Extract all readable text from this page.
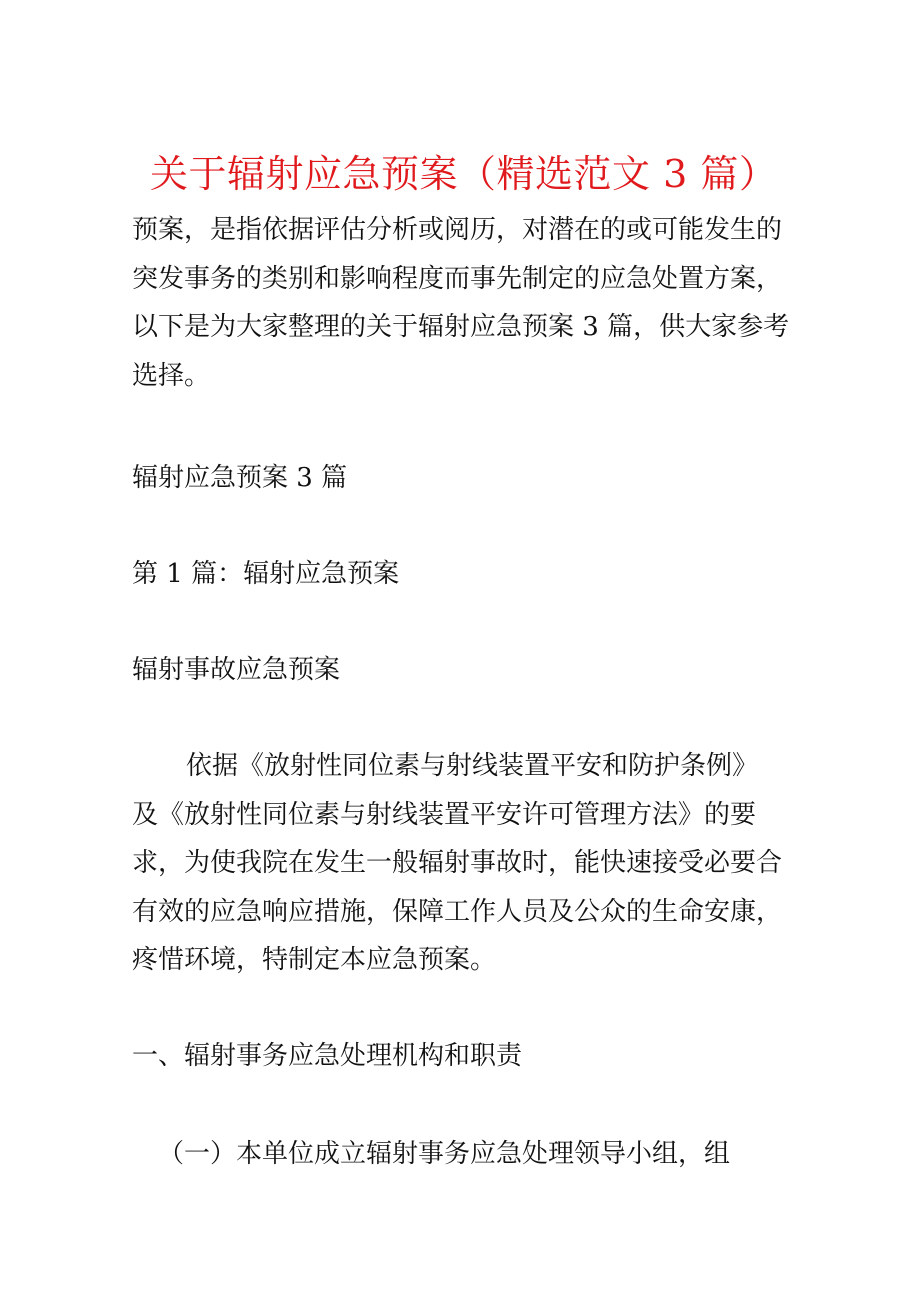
关于辐射应急预案（精选范文 3 篇）

预案，是指依据评估分析或阅历，对潜在的或可能发生的
突发事务的类别和影响程度而事先制定的应急处置方案，
以下是为大家整理的关于辐射应急预案 3 篇，供大家参考
选择。

辐射应急预案 3 篇

第 1 篇：辐射应急预案

辐射事故应急预案

依据《放射性同位素与射线装置平安和防护条例》
及《放射性同位素与射线装置平安许可管理方法》的要
求，为使我院在发生一般辐射事故时，能快速接受必要合
有效的应急响应措施，保障工作人员及公众的生命安康，
疼惜环境，特制定本应急预案。

一、辐射事务应急处理机构和职责

（一）本单位成立辐射事务应急处理领导小组，组
